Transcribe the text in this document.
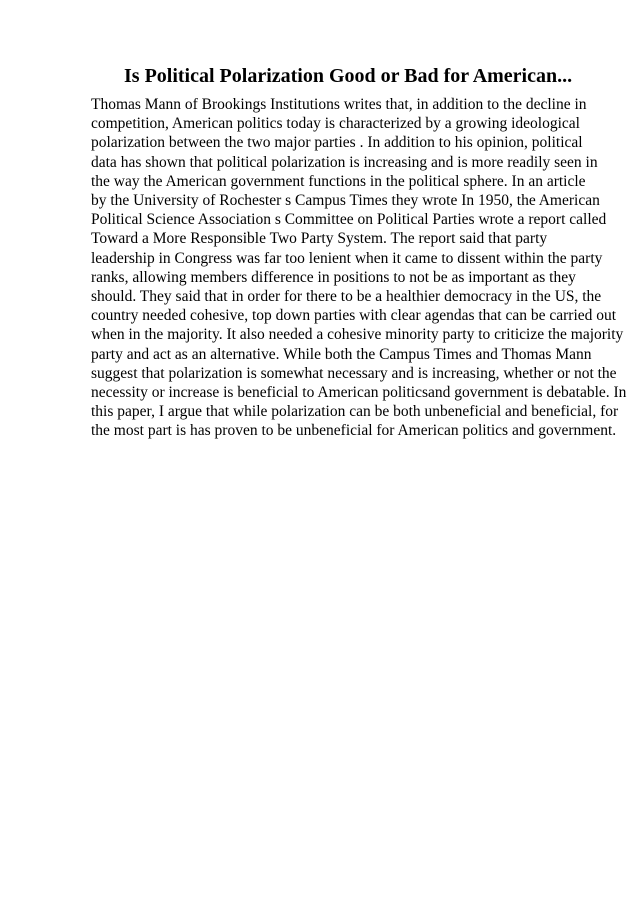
Is Political Polarization Good or Bad for American...
Thomas Mann of Brookings Institutions writes that, in addition to the decline in
competition, American politics today is characterized by a growing ideological
polarization between the two major parties . In addition to his opinion, political
data has shown that political polarization is increasing and is more readily seen in
the way the American government functions in the political sphere. In an article
by the University of Rochester s Campus Times they wrote In 1950, the American
Political Science Association s Committee on Political Parties wrote a report called
Toward a More Responsible Two Party System. The report said that party
leadership in Congress was far too lenient when it came to dissent within the party
ranks, allowing members difference in positions to not be as important as they
should. They said that in order for there to be a healthier democracy in the US, the
country needed cohesive, top down parties with clear agendas that can be carried out
when in the majority. It also needed a cohesive minority party to criticize the majority
party and act as an alternative. While both the Campus Times and Thomas Mann
suggest that polarization is somewhat necessary and is increasing, whether or not the
necessity or increase is beneficial to American politicsand government is debatable. In
this paper, I argue that while polarization can be both unbeneficial and beneficial, for
the most part is has proven to be unbeneficial for American politics and government.
